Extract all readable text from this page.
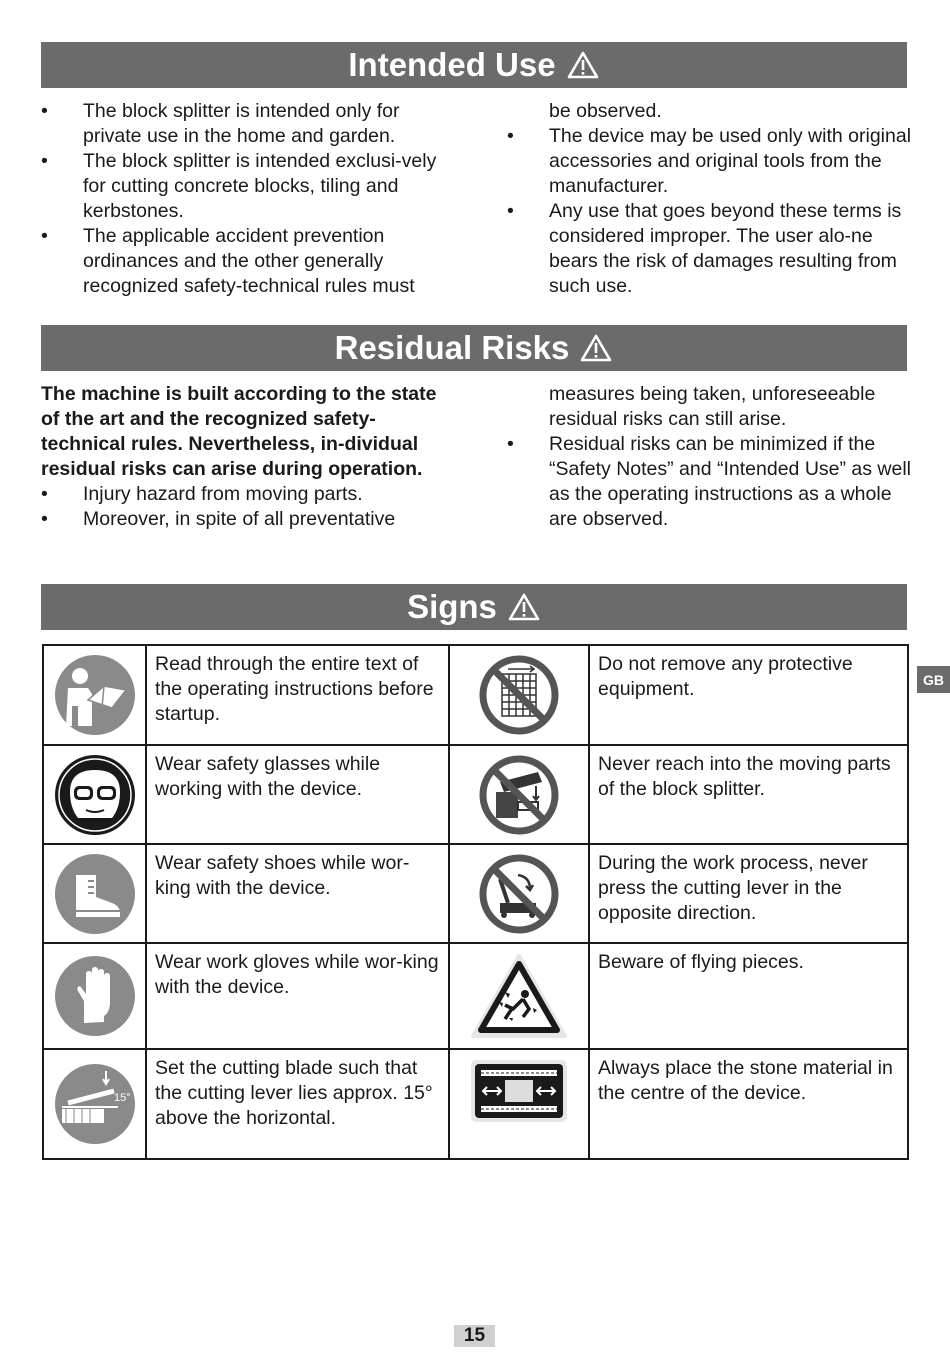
Intended Use

• The block splitter is intended only for private use in the home and garden.

• The block splitter is intended exclusi-vely for cutting concrete blocks, tiling and kerbstones.

• The applicable accident prevention ordinances and the other generally recognized safety-technical rules must

be observed.

• The device may be used only with original accessories and original tools from the manufacturer.

• Any use that goes beyond these terms is considered improper. The user alo-ne bears the risk of damages resulting from such use.

Residual Risks

The machine is built according to the state of the art and the recognized safety-technical rules. Nevertheless, in-dividual residual risks can arise during operation.

• Injury hazard from moving parts.

• Moreover, in spite of all preventative

measures being taken, unforeseeable residual risks can still arise.

• Residual risks can be minimized if the “Safety Notes” and “Intended Use” as well as the operating instructions as a whole are observed.

Signs
	Read through the entire text of the operating instructions before startup.		Do not remove any protective equipment.

	Wear safety glasses while working with the device.		Never reach into the moving parts of the block splitter.

	Wear safety shoes while wor-king with the device.		During the work process, never press the cutting lever in the opposite direction.

	Wear work gloves while wor-king with the device.		Beware of flying pieces.

15°	Set the cutting blade such that the cutting lever lies approx. 15° above the horizontal.		Always place the stone material in the centre of the device.
GB
15
